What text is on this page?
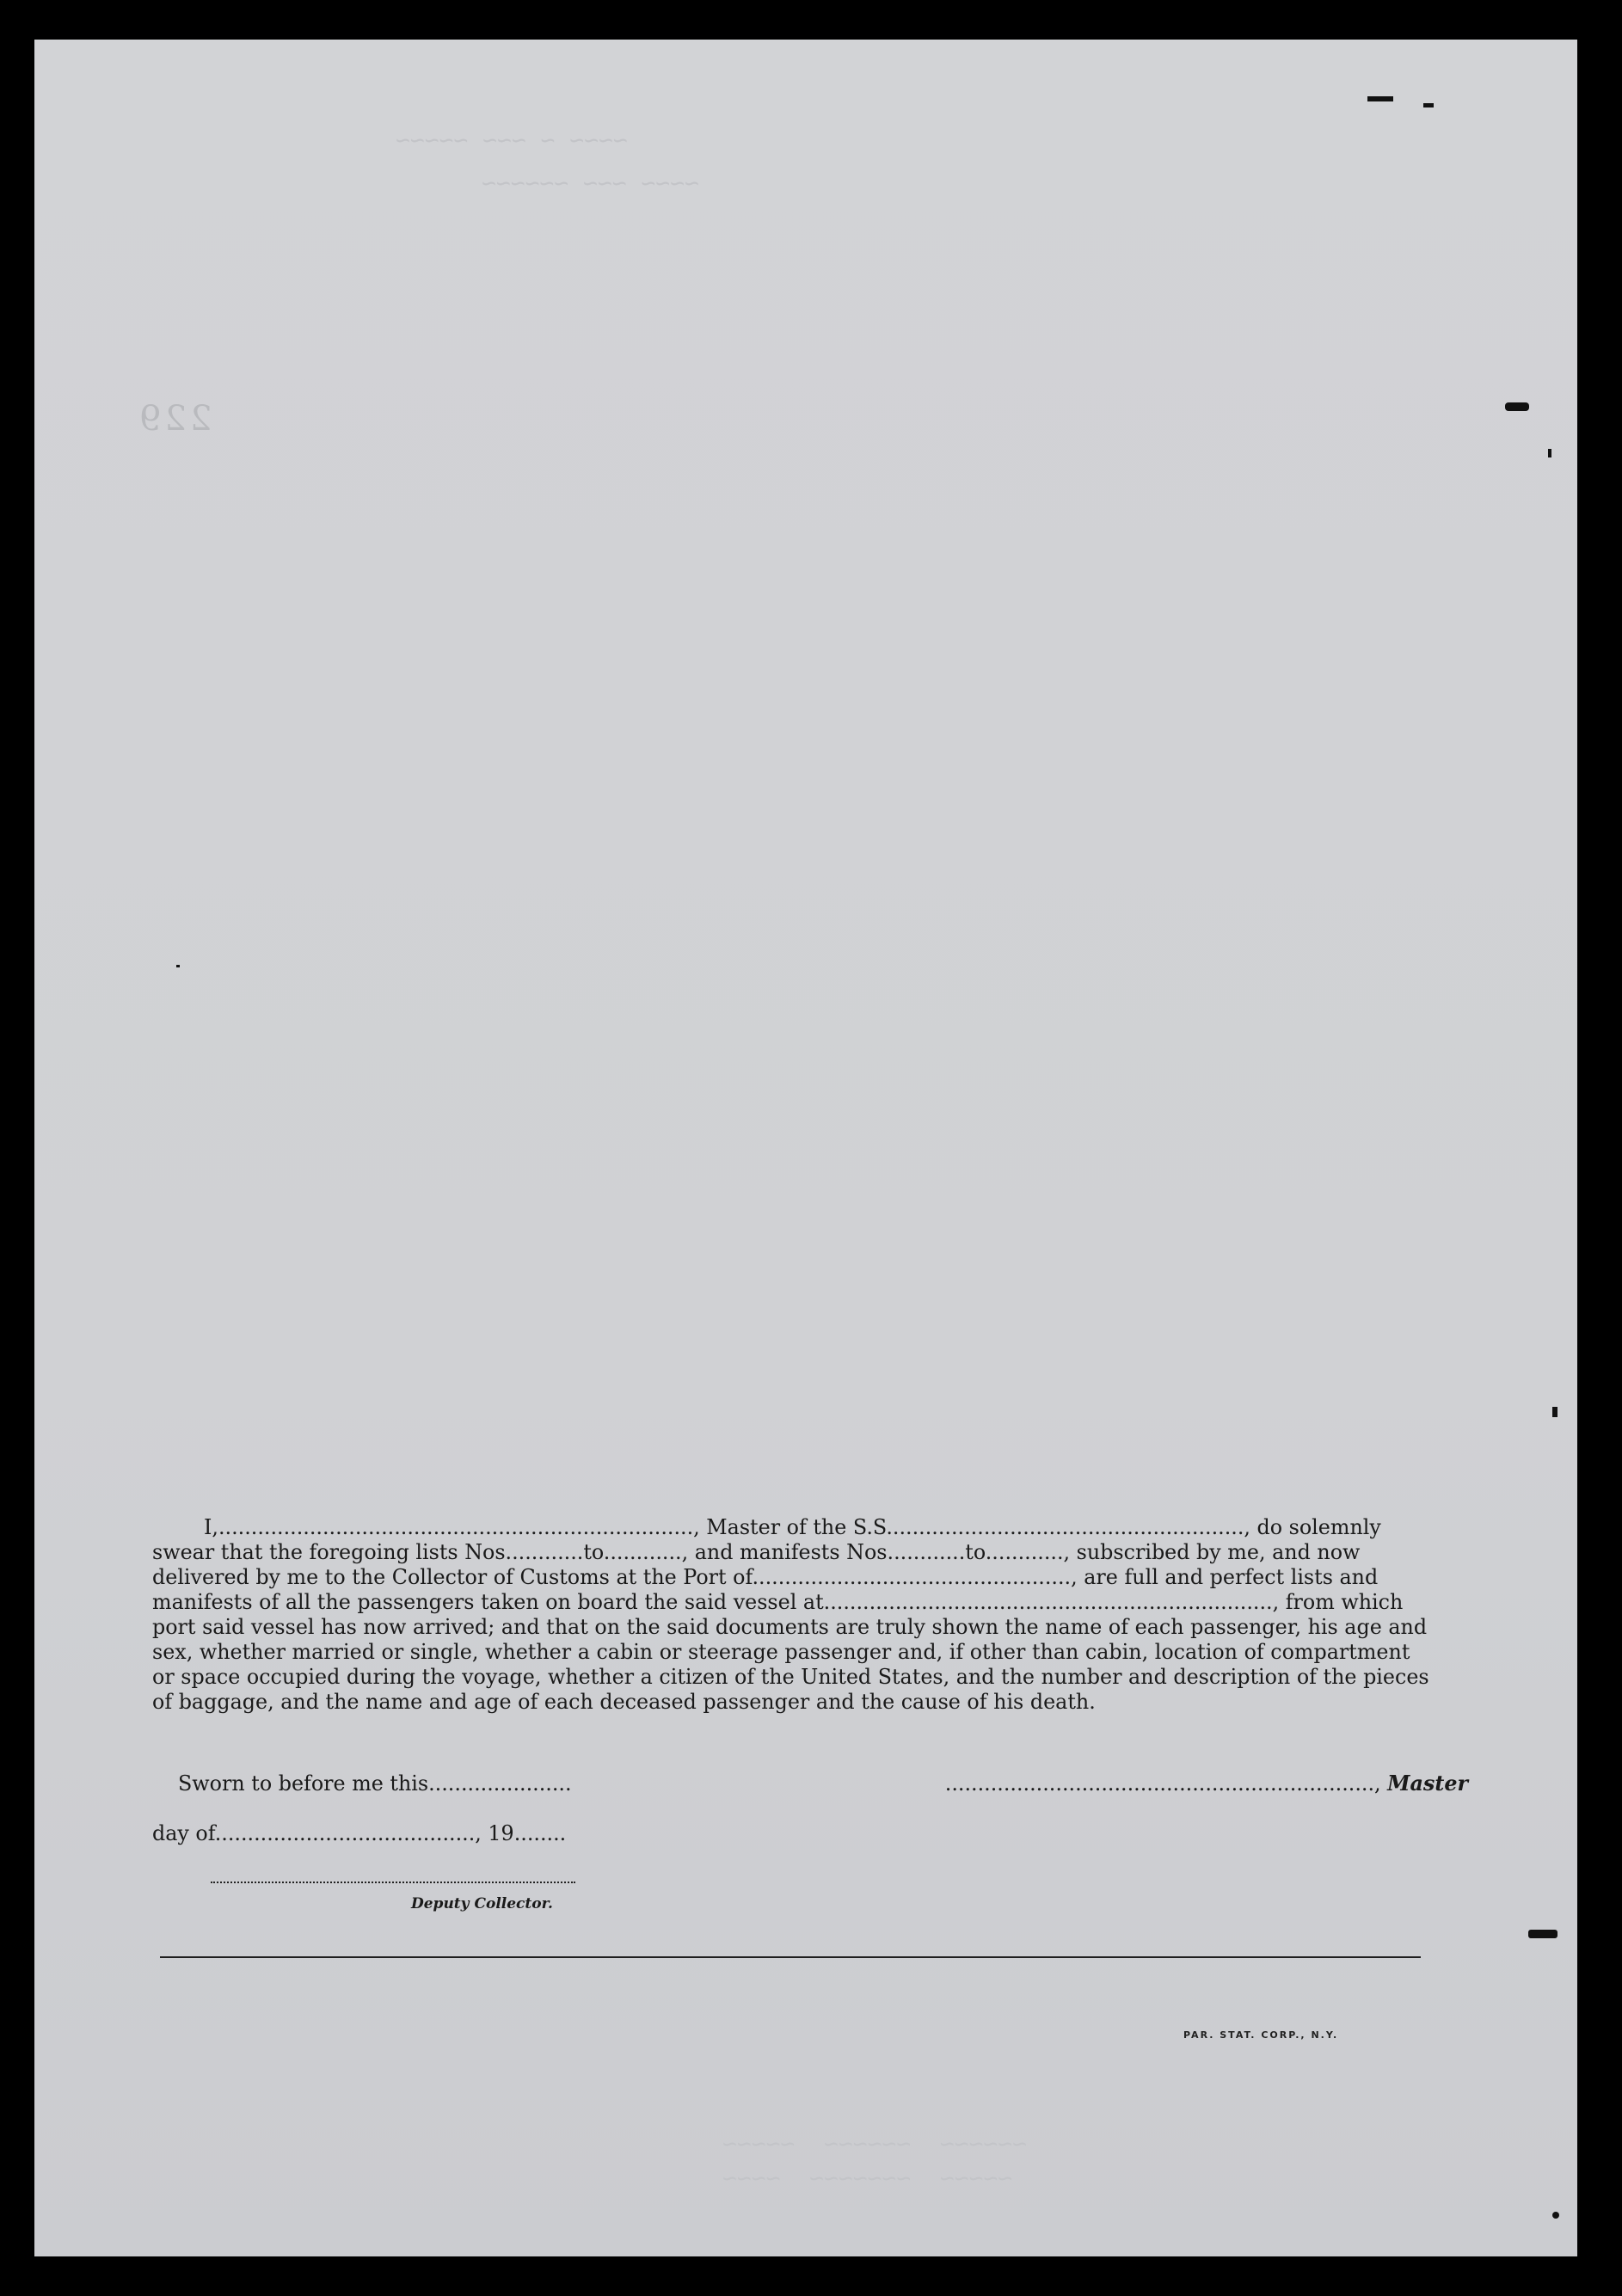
229
~~~~ ~ ~~~ ~~~~~
~~~~ ~~~ ~~~~~~
~~~~~~  ~~~~~~  ~~~~~
~~~~~  ~~~~~~~  ~~~~

I,........................................................................., Master of the S.S......................................................., do solemnly

swear that the foregoing lists Nos............to............, and manifests Nos............to............, subscribed by me, and now

delivered by me to the Collector of Customs at the Port of................................................., are full and perfect lists and

manifests of all the passengers taken on board the said vessel at....................................................................., from which

port said vessel has now arrived; and that on the said documents are truly shown the name of each passenger, his age and

sex, whether married or single, whether a cabin or steerage passenger and, if other than cabin, location of compartment

or space occupied during the voyage, whether a citizen of the United States, and the number and description of the pieces

of baggage, and the name and age of each deceased passenger and the cause of his death.

Sworn to before me this......................	.................................................................., Master
day of........................................, 19........
Deputy Collector.
PAR. STAT. CORP., N.Y.
